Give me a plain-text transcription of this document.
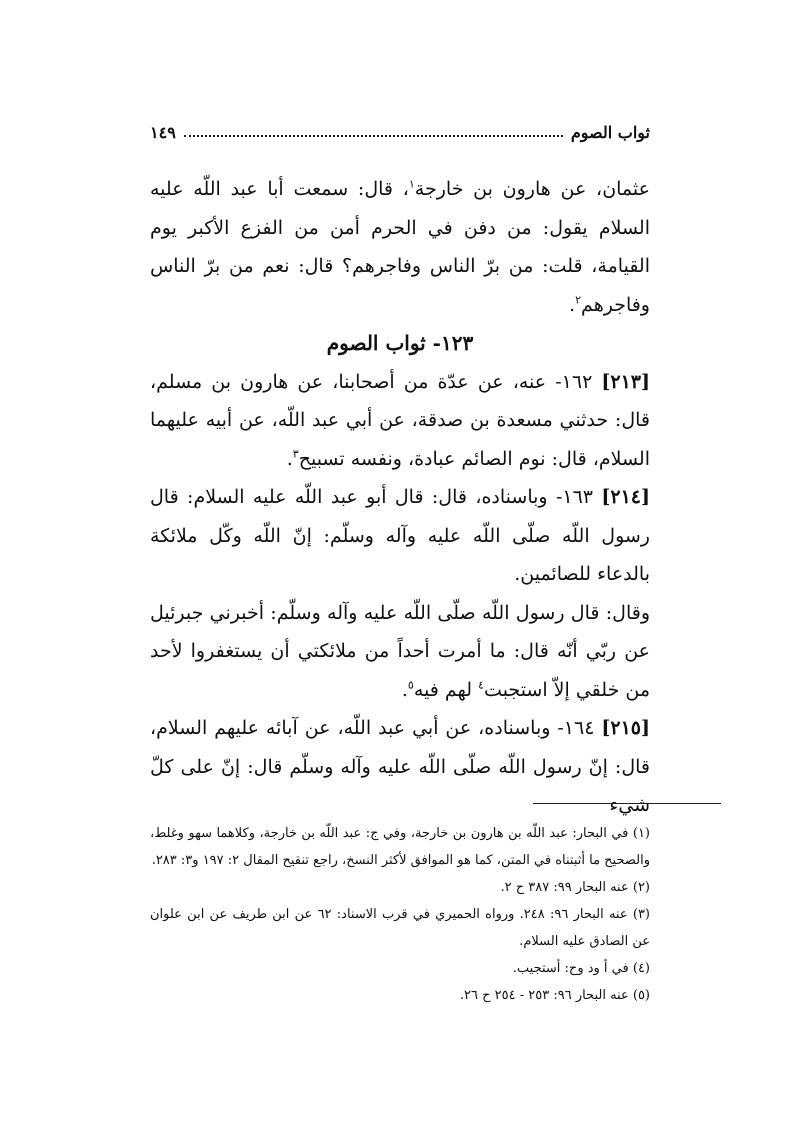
ثواب الصوم
١٤٩

عثمان، عن هارون بن خارجة$^١$، قال: سمعت أبا عبد اللّه عليه السلام يقول: من دفن في الحرم أمن من الفزع الأكبر يوم القيامة، قلت: من برّ الناس وفاجرهم؟ قال: نعم من برّ الناس وفاجرهم$^٢$.

١٢٣- ثواب الصوم

[٢١٣] ١٦٢- عنه، عن عدّة من أصحابنا، عن هارون بن مسلم، قال: حدثني مسعدة بن صدقة، عن أبي عبد اللّه، عن أبيه عليهما السلام، قال: نوم الصائم عبادة، ونفسه تسبيح$^٣$.

[٢١٤] ١٦٣- وباسناده، قال: قال أبو عبد اللّه عليه السلام: قال رسول اللّه صلّى اللّه عليه وآله وسلّم: إنّ اللّه وكّل ملائكة بالدعاء للصائمين.

وقال: قال رسول اللّه صلّى اللّه عليه وآله وسلّم: أخبرني جبرئيل عن ربّي أنّه قال: ما أمرت أحداً من ملائكتي أن يستغفروا لأحد من خلقي إلاّ استجبت$^٤$ لهم فيه$^٥$.

[٢١٥] ١٦٤- وباسناده، عن أبي عبد اللّه، عن آبائه عليهم السلام، قال: إنّ رسول اللّه صلّى اللّه عليه وآله وسلّم قال: إنّ على كلّ شيء

(١) في البحار: عبد اللّه بن هارون بن خارجة، وفي ج: عبد اللّه بن خارجة، وكلاهما سهو وغلط، والصحيح ما أثبتناه في المتن، كما هو الموافق لأكثر النسخ، راجع تنقيح المقال ٢: ١٩٧ و٣: ٢٨٣.

(٢) عنه البحار ٩٩: ٣٨٧ ح ٢.

(٣) عنه البحار ٩٦: ٢٤٨. ورواه الحميري في قرب الاسناد: ٦٢ عن ابن طريف عن ابن علوان عن الصادق عليه السلام.

(٤) في أ ود وح: أستجيب.

(٥) عنه البحار ٩٦: ٢٥٣ - ٢٥٤ ح ٢٦.
